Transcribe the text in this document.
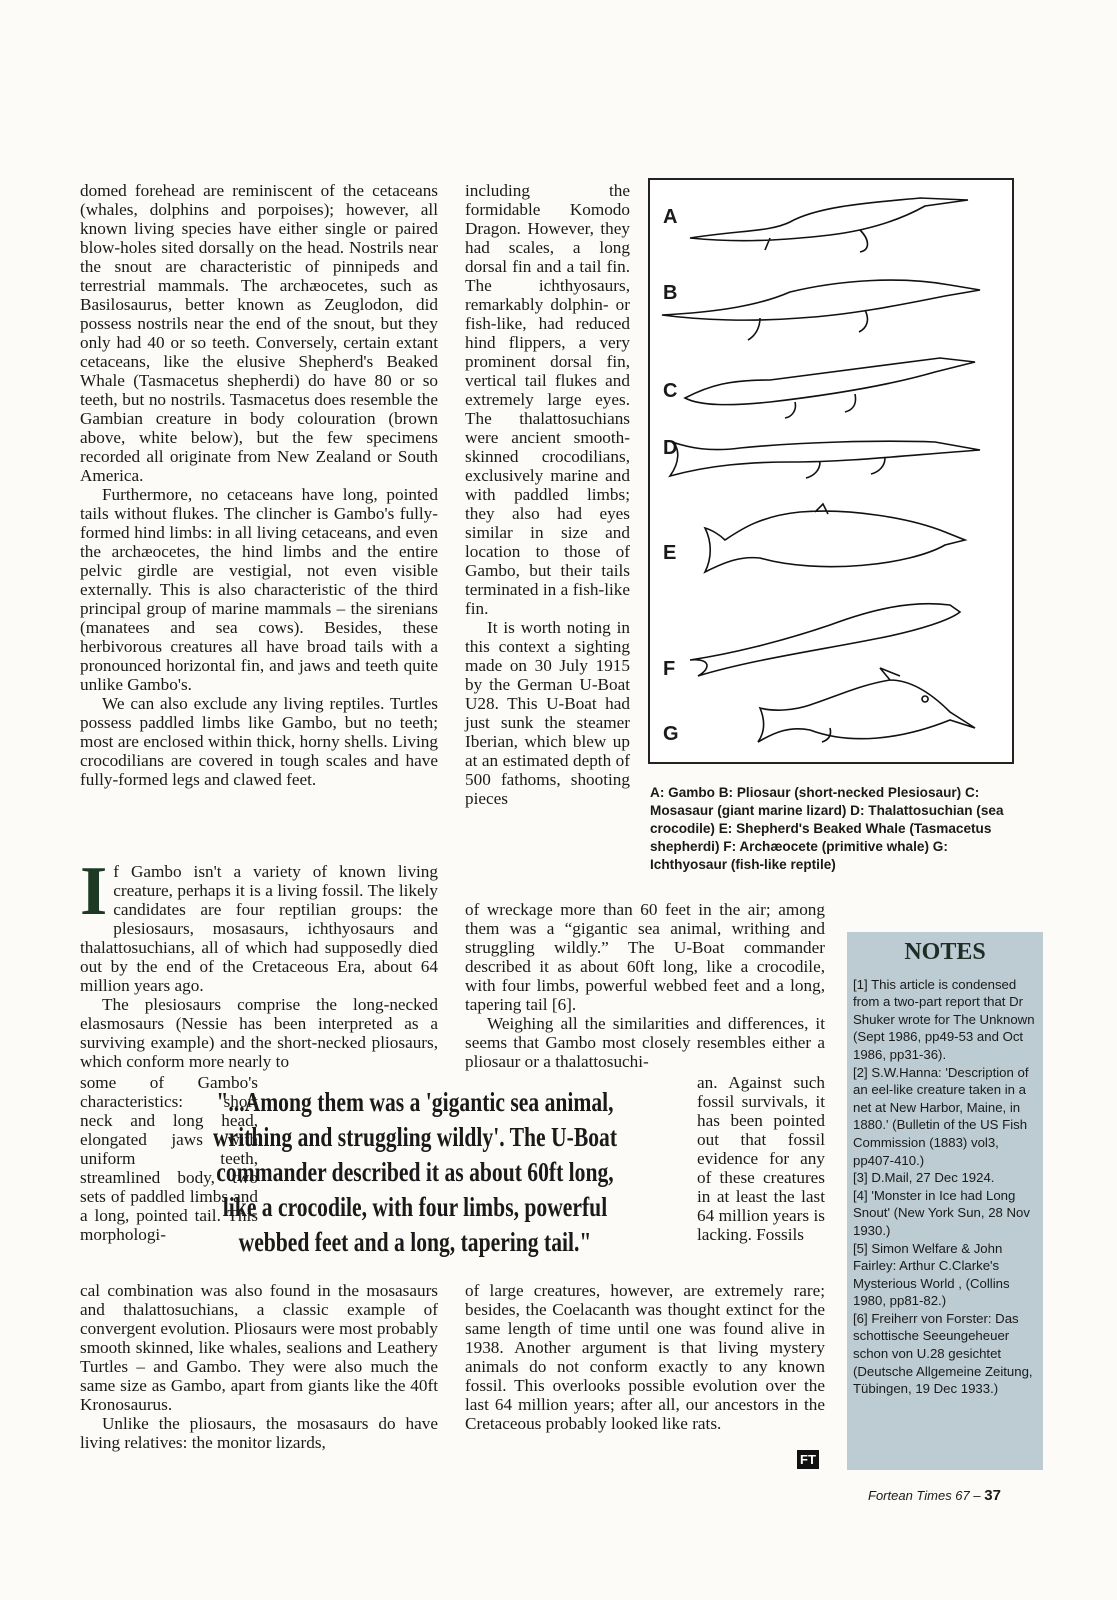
domed forehead are reminiscent of the cetaceans (whales, dolphins and porpoises); however, all known living species have either single or paired blow-holes sited dorsally on the head. Nostrils near the snout are characteristic of pinnipeds and terrestrial mammals. The archæocetes, such as Basilosaurus, better known as Zeuglodon, did possess nostrils near the end of the snout, but they only had 40 or so teeth. Conversely, certain extant cetaceans, like the elusive Shepherd's Beaked Whale (Tasmacetus shepherdi) do have 80 or so teeth, but no nostrils. Tasmacetus does resemble the Gambian creature in body colouration (brown above, white below), but the few specimens recorded all originate from New Zealand or South America.

Furthermore, no cetaceans have long, pointed tails without flukes. The clincher is Gambo's fully-formed hind limbs: in all living cetaceans, and even the archæocetes, the hind limbs and the entire pelvic girdle are vestigial, not even visible externally. This is also characteristic of the third principal group of marine mammals – the sirenians (manatees and sea cows). Besides, these herbivorous creatures all have broad tails with a pronounced horizontal fin, and jaws and teeth quite unlike Gambo's.

We can also exclude any living reptiles. Turtles possess paddled limbs like Gambo, but no teeth; most are enclosed within thick, horny shells. Living crocodilians are covered in tough scales and have fully-formed legs and clawed feet.

If Gambo isn't a variety of known living creature, perhaps it is a living fossil. The likely candidates are four reptilian groups: the plesiosaurs, mosasaurs, ichthyosaurs and thalattosuchians, all of which had supposedly died out by the end of the Cretaceous Era, about 64 million years ago.

The plesiosaurs comprise the long-necked elasmosaurs (Nessie has been interpreted as a surviving example) and the short-necked pliosaurs, which conform more nearly to

some of Gambo's characteristics: short neck and long head, elongated jaws with uniform teeth, streamlined body, two sets of paddled limbs and a long, pointed tail. This morphologi-

cal combination was also found in the mosasaurs and thalattosuchians, a classic example of convergent evolution. Pliosaurs were most probably smooth skinned, like whales, sealions and Leathery Turtles – and Gambo. They were also much the same size as Gambo, apart from giants like the 40ft Kronosaurus.

Unlike the pliosaurs, the mosasaurs do have living relatives: the monitor lizards,

including the formidable Komodo Dragon. However, they had scales, a long dorsal fin and a tail fin. The ichthyosaurs, remarkably dolphin- or fish-like, had reduced hind flippers, a very prominent dorsal fin, vertical tail flukes and extremely large eyes. The thalattosuchians were ancient smooth-skinned crocodilians, exclusively marine and with paddled limbs; they also had eyes similar in size and location to those of Gambo, but their tails terminated in a fish-like fin.

It is worth noting in this context a sighting made on 30 July 1915 by the German U-Boat U28. This U-Boat had just sunk the steamer Iberian, which blew up at an estimated depth of 500 fathoms, shooting pieces

of wreckage more than 60 feet in the air; among them was a “gigantic sea animal, writhing and struggling wildly.” The U-Boat commander described it as about 60ft long, like a crocodile, with four limbs, powerful webbed feet and a long, tapering tail [6].

Weighing all the similarities and differences, it seems that Gambo most closely resembles either a pliosaur or a thalattosuchi-

an. Against such fossil survivals, it has been pointed out that fossil evidence for any of these creatures in at least the last 64 million years is lacking. Fossils

of large creatures, however, are extremely rare; besides, the Coelacanth was thought extinct for the same length of time until one was found alive in 1938. Another argument is that living mystery animals do not conform exactly to any known fossil. This overlooks possible evolution over the last 64 million years; after all, our ancestors in the Cretaceous probably looked like rats.

A
B
C
D
E
F
G
A: Gambo B: Pliosaur (short-necked Plesiosaur) C: Mosasaur (giant marine lizard) D: Thalattosuchian (sea crocodile) E: Shepherd's Beaked Whale (Tasmacetus shepherdi) F: Archæocete (primitive whale) G: Ichthyosaur (fish-like reptile)
"...Among them was a 'gigantic sea animal, writhing and struggling wildly'. The U-Boat commander described it as about 60ft long, like a crocodile, with four limbs, powerful webbed feet and a long, tapering tail."
NOTES

[1] This article is condensed from a two-part report that Dr Shuker wrote for The Unknown (Sept 1986, pp49-53 and Oct 1986, pp31-36).

[2] S.W.Hanna: 'Description of an eel-like creature taken in a net at New Harbor, Maine, in 1880.' (Bulletin of the US Fish Commission (1883) vol3, pp407-410.)

[3] D.Mail, 27 Dec 1924.

[4] 'Monster in Ice had Long Snout' (New York Sun, 28 Nov 1930.)

[5] Simon Welfare & John Fairley: Arthur C.Clarke's Mysterious World , (Collins 1980, pp81-82.)

[6] Freiherr von Forster: Das schottische Seeungeheuer schon von U.28 gesichtet (Deutsche Allgemeine Zeitung, Tübingen, 19 Dec 1933.)

FT
Fortean Times 67 – 37
